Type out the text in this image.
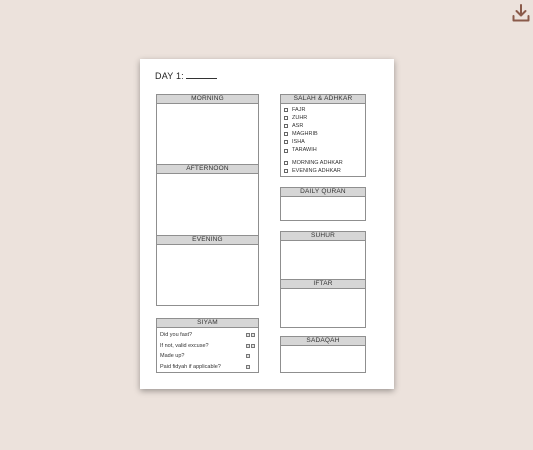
DAY 1:
MORNING
AFTERNOON
EVENING
SIYAM
Did you fast?
If not, valid excuse?
Made up?
Paid fidyah if applicable?
SALAH & ADHKAR
FAJR
ZUHR
ASR
MAGHRIB
ISHA
TARAWIH
MORNING ADHKAR
EVENING ADHKAR
DAILY QURAN
SUHUR
IFTAR
SADAQAH
